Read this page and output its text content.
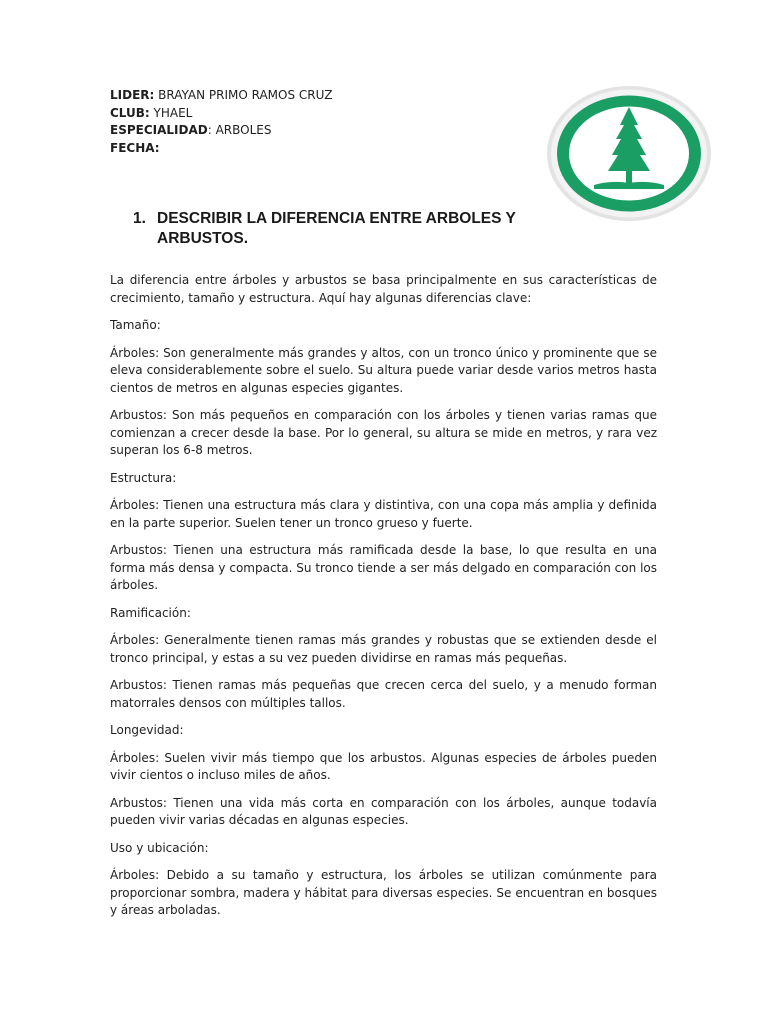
LIDER: BRAYAN PRIMO RAMOS CRUZ
CLUB: YHAEL
ESPECIALIDAD: ARBOLES
FECHA:
1. DESCRIBIR LA DIFERENCIA ENTRE ARBOLES Y ARBUSTOS.

La diferencia entre árboles y arbustos se basa principalmente en sus características de crecimiento, tamaño y estructura. Aquí hay algunas diferencias clave:

Tamaño:

Árboles: Son generalmente más grandes y altos, con un tronco único y prominente que se eleva considerablemente sobre el suelo. Su altura puede variar desde varios metros hasta cientos de metros en algunas especies gigantes.

Arbustos: Son más pequeños en comparación con los árboles y tienen varias ramas que comienzan a crecer desde la base. Por lo general, su altura se mide en metros, y rara vez superan los 6-8 metros.

Estructura:

Árboles: Tienen una estructura más clara y distintiva, con una copa más amplia y definida en la parte superior. Suelen tener un tronco grueso y fuerte.

Arbustos: Tienen una estructura más ramificada desde la base, lo que resulta en una forma más densa y compacta. Su tronco tiende a ser más delgado en comparación con los árboles.

Ramificación:

Árboles: Generalmente tienen ramas más grandes y robustas que se extienden desde el tronco principal, y estas a su vez pueden dividirse en ramas más pequeñas.

Arbustos: Tienen ramas más pequeñas que crecen cerca del suelo, y a menudo forman matorrales densos con múltiples tallos.

Longevidad:

Árboles: Suelen vivir más tiempo que los arbustos. Algunas especies de árboles pueden vivir cientos o incluso miles de años.

Arbustos: Tienen una vida más corta en comparación con los árboles, aunque todavía pueden vivir varias décadas en algunas especies.

Uso y ubicación:

Árboles: Debido a su tamaño y estructura, los árboles se utilizan comúnmente para proporcionar sombra, madera y hábitat para diversas especies. Se encuentran en bosques y áreas arboladas.
